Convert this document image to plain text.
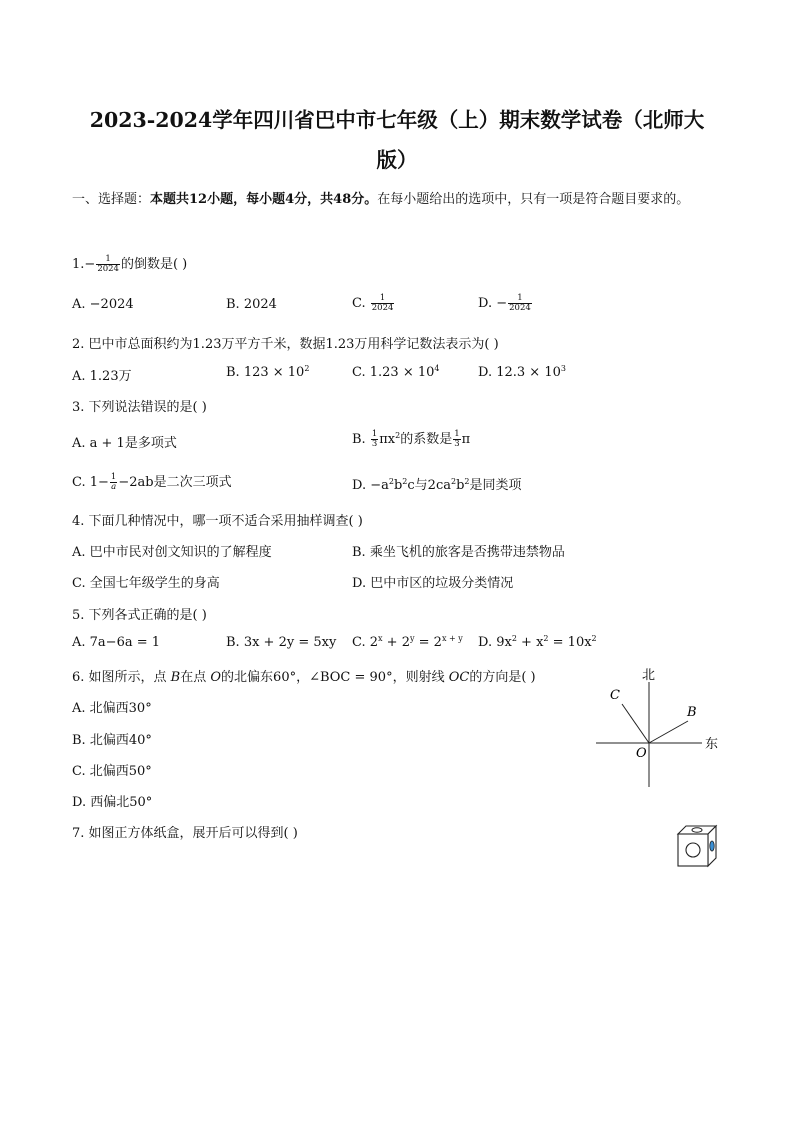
2023-2024学年四川省巴中市七年级（上）期末数学试卷（北师大
版）
一、选择题：本题共12小题，每小题4分，共48分。在每小题给出的选项中，只有一项是符合题目要求的。
$1.- \frac{1}{2024}$ 的倒数是( )
A. −2024	B. 2024	C. $\frac{1}{2024}$	D. − $\frac{1}{2024}$
2. 巴中市总面积约为1.23万平方千米，数据1.23万用科学记数法表示为( )
A. 1.23万	B. $123 \times 10^2$	C. $1.23 \times 10^4$	D. $12.3 \times 10^3$
3. 下列说法错误的是( )
A. a + 1是多项式	B. $\frac{1}{3} \pi x^2$的系数是 $\frac{1}{3}$ π
C. $1- \frac{1}{a} -2ab$是二次三项式	D. $-a^2b^2c$与$2ca^2b^2$是同类项
4. 下面几种情况中，哪一项不适合采用抽样调查( )
A. 巴中市民对创文知识的了解程度	B. 乘坐飞机的旅客是否携带违禁物品
C. 全国七年级学生的身高	D. 巴中市区的垃圾分类情况
5. 下列各式正确的是( )
A. 7a−6a = 1	B. 3x + 2y = 5xy C. $2^x + 2^y = 2^{x + y}$ D. $9x^2 + x^2 = 10x^2$
6. 如图所示，点 B在点 O的北偏东60°，∠BOC = 90°，则射线 OC的方向是( )
A. 北偏西30°
B. 北偏西40°
C. 北偏西50°
D. 西偏北50°
北
东
O
B
C
7. 如图正方体纸盒，展开后可以得到( )
